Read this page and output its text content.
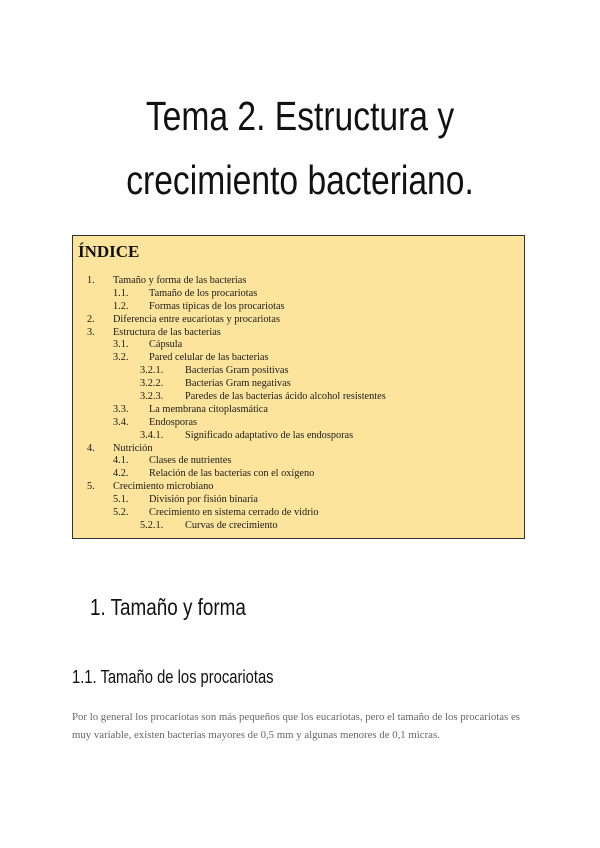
Tema 2. Estructura y
crecimiento bacteriano.
ÍNDICE
1. Tamaño y forma de las bacterias
1.1. Tamaño de los procariotas
1.2. Formas típicas de los procariotas
2. Diferencia entre eucariotas y procariotas
3. Estructura de las bacterias
3.1. Cápsula
3.2. Pared celular de las bacterias
3.2.1. Bacterias Gram positivas
3.2.2. Bacterias Gram negativas
3.2.3. Paredes de las bacterias ácido alcohol resistentes
3.3. La membrana citoplasmática
3.4. Endosporas
3.4.1. Significado adaptativo de las endosporas
4. Nutrición
4.1. Clases de nutrientes
4.2. Relación de las bacterias con el oxígeno
5. Crecimiento microbiano
5.1. División por fisión binaria
5.2. Crecimiento en sistema cerrado de vidrio
5.2.1. Curvas de crecimiento
1. Tamaño y forma
1.1. Tamaño de los procariotas
Por lo general los procariotas son más pequeños que los eucariotas, pero el tamaño de los procariotas es muy variable, existen bacterias mayores de 0,5 mm y algunas menores de 0,1 micras.
